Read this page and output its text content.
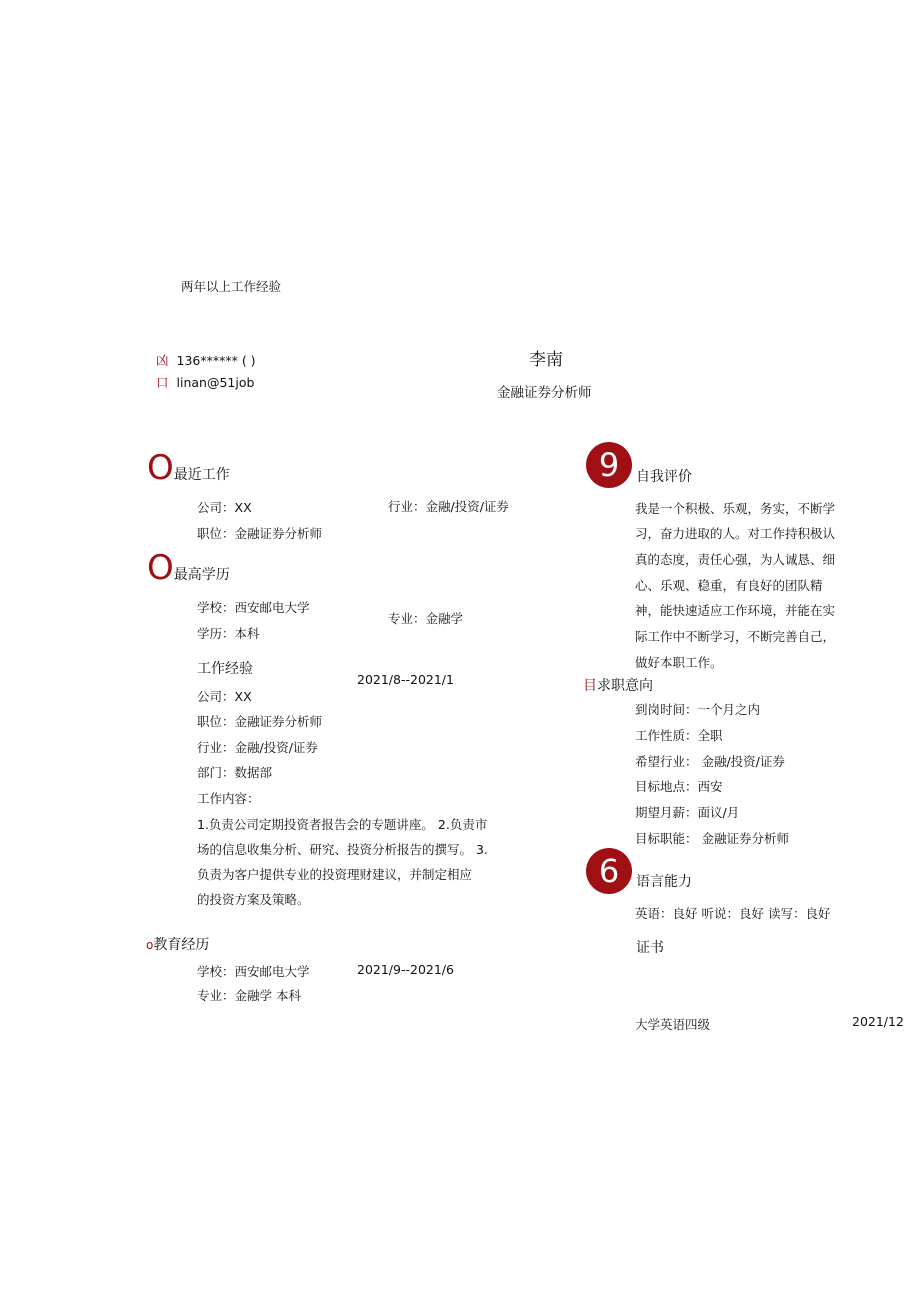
两年以上工作经验
凶 136****** ( )
口 linan@51job
李南
金融证券分析师
O最近工作
公司：XX	行业：金融/投资/证券
职位：金融证券分析师
O最高学历
学校：西安邮电大学
专业：金融学
学历：本科
工作经验
2021/8--2021/1
公司：XX
职位：金融证券分析师
行业：金融/投资/证券
部门：数据部
工作内容：
1.负责公司定期投资者报告会的专题讲座。 2.负责市
场的信息收集分析、研究、投资分析报告的撰写。 3.
负责为客户提供专业的投资理财建议，并制定相应
的投资方案及策略。
o教育经历
学校：西安邮电大学	2021/9--2021/6
专业：金融学 本科
9	自我评价
我是一个积极、乐观，务实，不断学
习，奋力进取的人。对工作持积极认
真的态度，责任心强，为人诚恳、细
心、乐观、稳重，有良好的团队精
神，能快速适应工作环境，并能在实
际工作中不断学习，不断完善自己，
做好本职工作。
目求职意向
到岗时间：一个月之内
工作性质：全职
希望行业： 金融/投资/证券
目标地点：西安
期望月薪：面议/月
目标职能： 金融证券分析师
6	语言能力
英语：良好 听说：良好 读写：良好
证书
大学英语四级	2021/12
